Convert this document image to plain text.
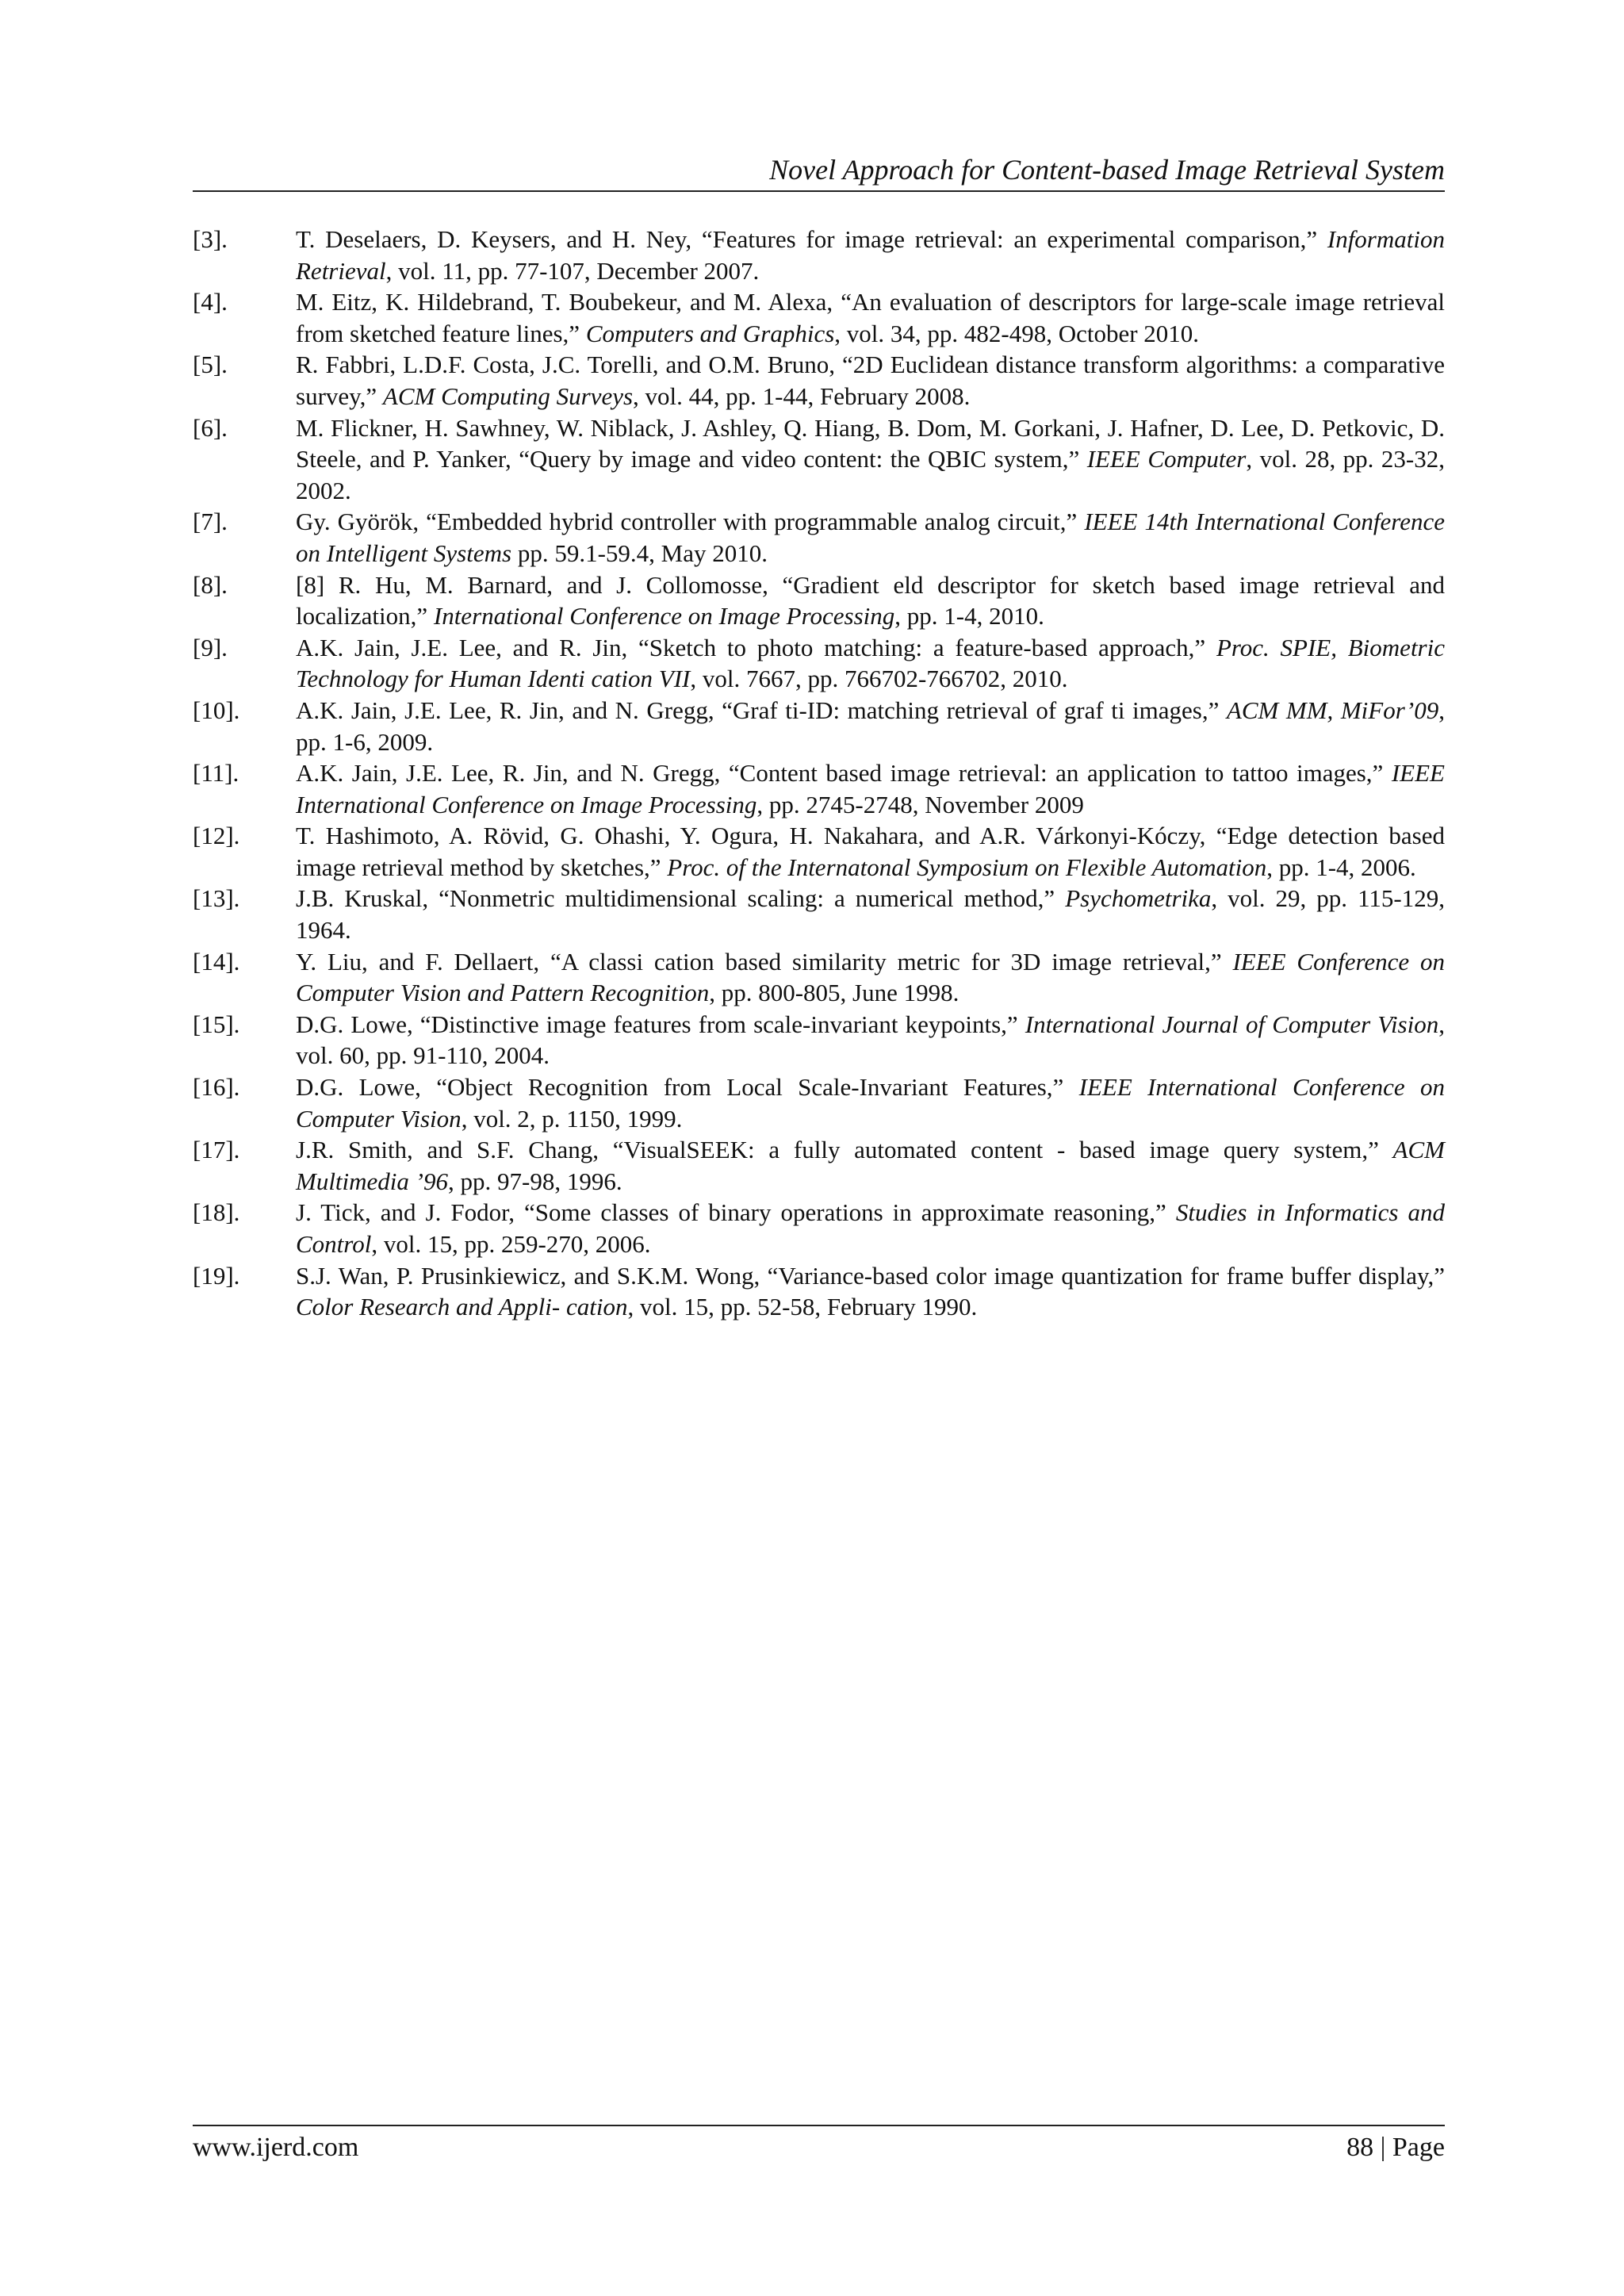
Novel Approach for Content-based Image Retrieval System
[3].	T. Deselaers, D. Keysers, and H. Ney, “Features for image retrieval: an experimental comparison,” Information Retrieval, vol. 11, pp. 77-107, December 2007.
[4].	M. Eitz, K. Hildebrand, T. Boubekeur, and M. Alexa, “An evaluation of descriptors for large-scale image retrieval from sketched feature lines,” Computers and Graphics, vol. 34, pp. 482-498, October 2010.
[5].	R. Fabbri, L.D.F. Costa, J.C. Torelli, and O.M. Bruno, “2D Euclidean distance transform algorithms: a comparative survey,” ACM Computing Surveys, vol. 44, pp. 1-44, February 2008.
[6].	M. Flickner, H. Sawhney, W. Niblack, J. Ashley, Q. Hiang, B. Dom, M. Gorkani, J. Hafner, D. Lee, D. Petkovic, D. Steele, and P. Yanker, “Query by image and video content: the QBIC system,” IEEE Computer, vol. 28, pp. 23-32, 2002.
[7].	Gy. Györök, “Embedded hybrid controller with programmable analog circuit,” IEEE 14th International Conference on Intelligent Systems pp. 59.1-59.4, May 2010.
[8].	[8] R. Hu, M. Barnard, and J. Collomosse, “Gradient eld descriptor for sketch based image retrieval and localization,” International Conference on Image Processing, pp. 1-4, 2010.
[9].	A.K. Jain, J.E. Lee, and R. Jin, “Sketch to photo matching: a feature-based approach,” Proc. SPIE, Biometric Technology for Human Identi cation VII, vol. 7667, pp. 766702-766702, 2010.
[10].	A.K. Jain, J.E. Lee, R. Jin, and N. Gregg, “Graf ti-ID: matching retrieval of graf ti images,” ACM MM, MiFor’09, pp. 1-6, 2009.
[11].	A.K. Jain, J.E. Lee, R. Jin, and N. Gregg, “Content based image retrieval: an application to tattoo images,” IEEE International Conference on Image Processing, pp. 2745-2748, November 2009
[12].	T. Hashimoto, A. Rövid, G. Ohashi, Y. Ogura, H. Nakahara, and A.R. Várkonyi-Kóczy, “Edge detection based image retrieval method by sketches,” Proc. of the Internatonal Symposium on Flexible Automation, pp. 1-4, 2006.
[13].	J.B. Kruskal, “Nonmetric multidimensional scaling: a numerical method,” Psychometrika, vol. 29, pp. 115-129, 1964.
[14].	Y. Liu, and F. Dellaert, “A classi cation based similarity metric for 3D image retrieval,” IEEE Conference on Computer Vision and Pattern Recognition, pp. 800-805, June 1998.
[15].	D.G. Lowe, “Distinctive image features from scale-invariant keypoints,” International Journal of Computer Vision, vol. 60, pp. 91-110, 2004.
[16].	D.G. Lowe, “Object Recognition from Local Scale-Invariant Features,” IEEE International Conference on Computer Vision, vol. 2, p. 1150, 1999.
[17].	J.R. Smith, and S.F. Chang, “VisualSEEK: a fully automated content - based image query system,” ACM Multimedia ’96, pp. 97-98, 1996.
[18].	J. Tick, and J. Fodor, “Some classes of binary operations in approximate reasoning,” Studies in Informatics and Control, vol. 15, pp. 259-270, 2006.
[19].	S.J. Wan, P. Prusinkiewicz, and S.K.M. Wong, “Variance-based color image quantization for frame buffer display,” Color Research and Appli- cation, vol. 15, pp. 52-58, February 1990.
www.ijerd.com	88 | Page
